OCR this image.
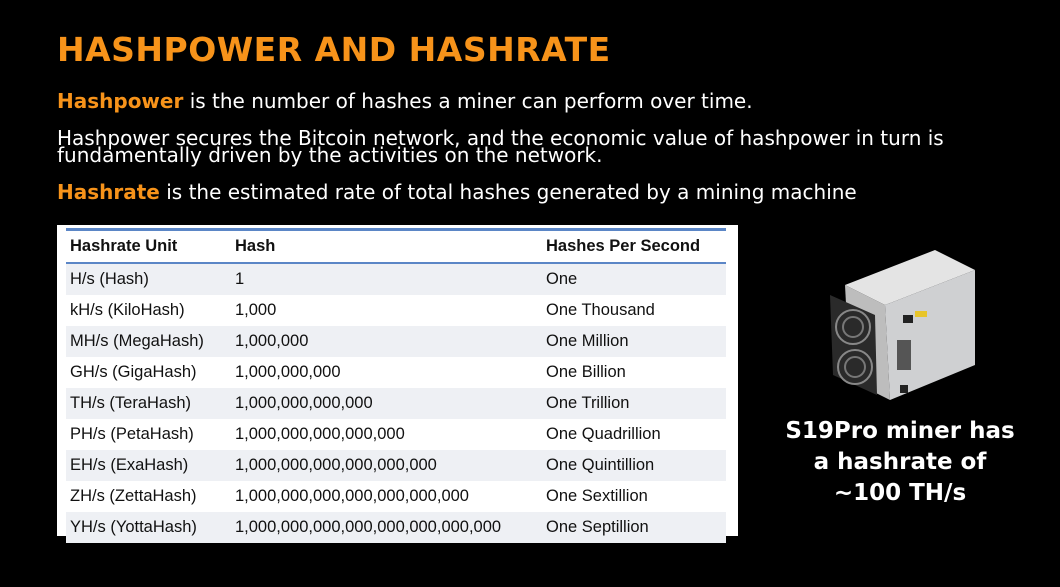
HASHPOWER AND HASHRATE
Hashpower is the number of hashes a miner can perform over time.
Hashpower secures the Bitcoin network, and the economic value of hashpower in turn is
fundamentally driven by the activities on the network.
Hashrate is the estimated rate of total hashes generated by a mining machine
Hashrate Unit	Hash	Hashes Per Second
H/s (Hash)	1	One
kH/s (KiloHash)	1,000	One Thousand
MH/s (MegaHash)	1,000,000	One Million
GH/s (GigaHash)	1,000,000,000	One Billion
TH/s (TeraHash)	1,000,000,000,000	One Trillion
PH/s (PetaHash)	1,000,000,000,000,000	One Quadrillion
EH/s (ExaHash)	1,000,000,000,000,000,000	One Quintillion
ZH/s (ZettaHash)	1,000,000,000,000,000,000,000	One Sextillion
YH/s (YottaHash)	1,000,000,000,000,000,000,000,000	One Septillion
S19Pro miner has
a hashrate of
~100 TH/s
